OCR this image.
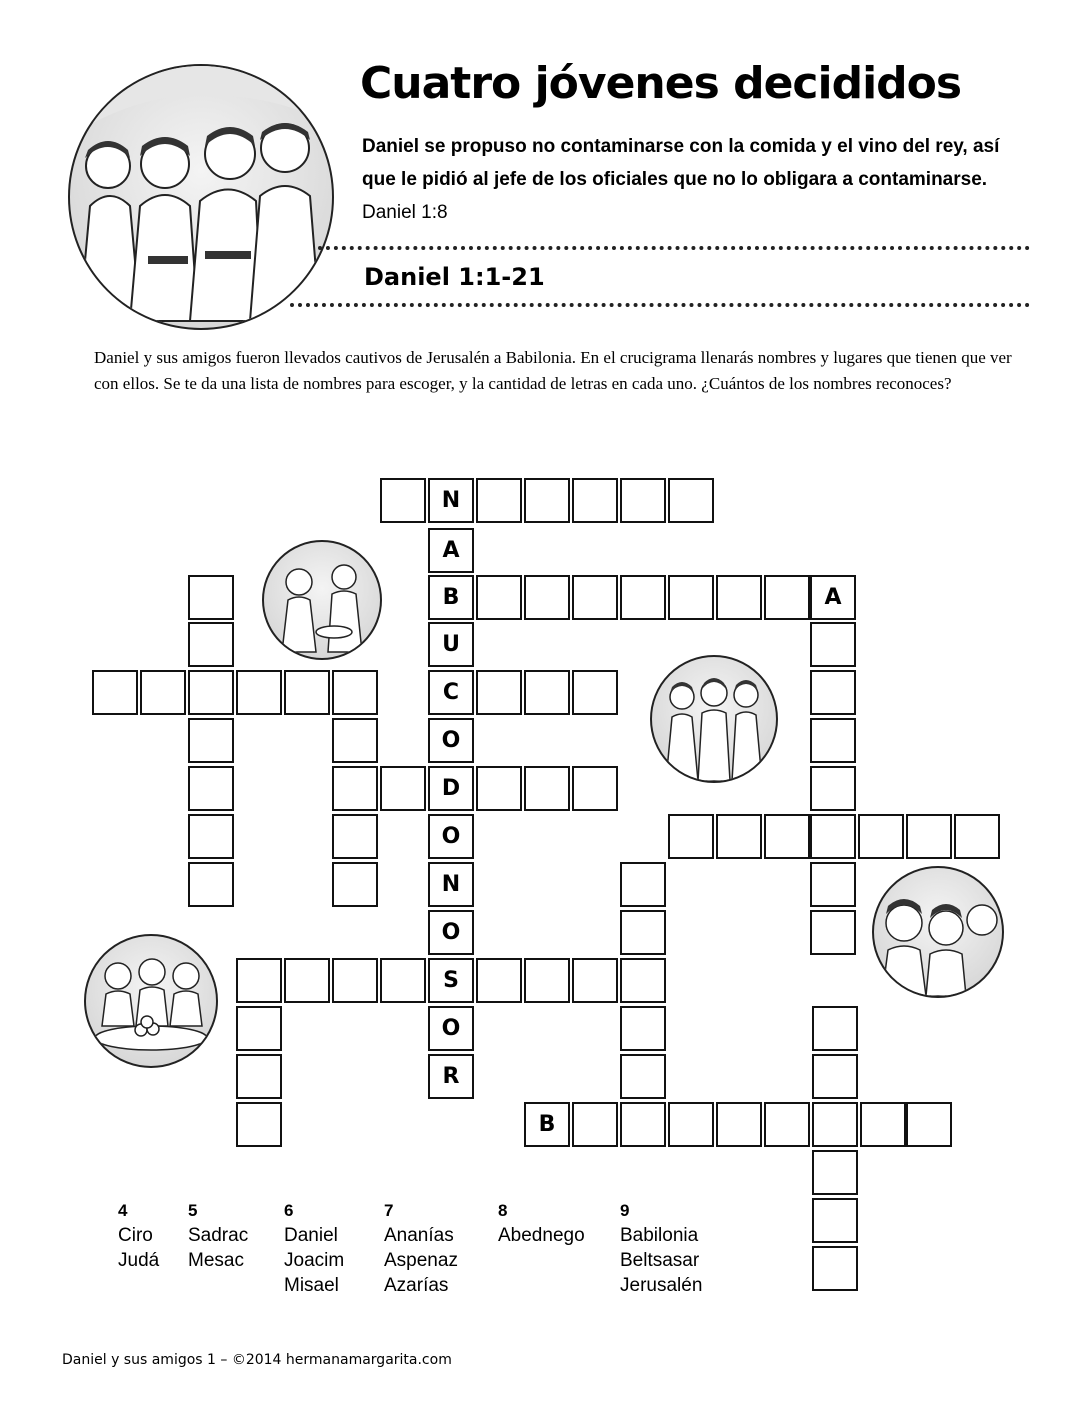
Cuatro jóvenes decididos
Daniel se propuso no contaminarse con la comida y el vino del rey, así que le pidió al jefe de los oficiales que no lo obligara a contaminarse. Daniel 1:8
Daniel 1:1-21
Daniel y sus amigos fueron llevados cautivos de Jerusalén a Babilonia. En el crucigrama llenarás nombres y lugares que tienen que ver con ellos. Se te da una lista de nombres para escoger, y la cantidad de letras en cada uno. ¿Cuántos de los nombres reconoces?
N
A
B
U
C
O
D
O
N
O
S
O
R
A
B
4
Ciro
Judá
5
Sadrac
Mesac
6
Daniel
Joacim
Misael
7
Ananías
Aspenaz
Azarías
8
Abednego
9
Babilonia
Beltsasar
Jerusalén
Daniel y sus amigos 1 – ©2014 hermanamargarita.com
